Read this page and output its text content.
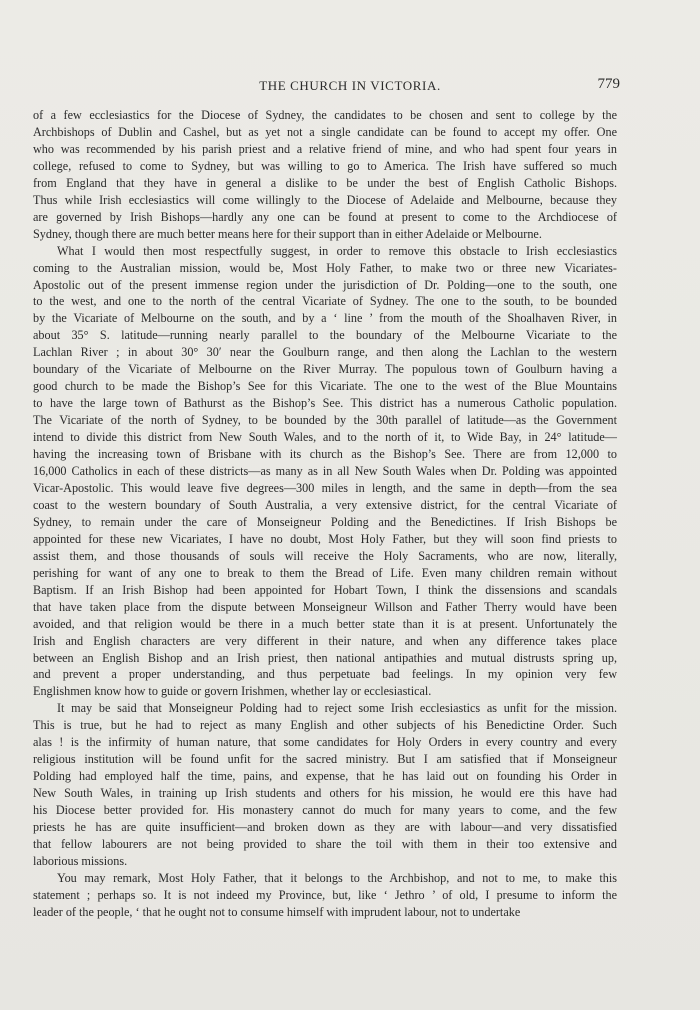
THE CHURCH IN VICTORIA.	779

of a few ecclesiastics for the Diocese of Sydney, the candidates to be chosen and sent to college by the
Archbishops of Dublin and Cashel, but as yet not a single candidate can be found to accept my offer. One
who was recommended by his parish priest and a relative friend of mine, and who had spent four years in
college, refused to come to Sydney, but was willing to go to America. The Irish have suffered so much
from England that they have in general a dislike to be under the best of English Catholic Bishops.
Thus while Irish ecclesiastics will come willingly to the Diocese of Adelaide and Melbourne, because they
are governed by Irish Bishops—hardly any one can be found at present to come to the Archdiocese of
Sydney, though there are much better means here for their support than in either Adelaide or Melbourne.

What I would then most respectfully suggest, in order to remove this obstacle to Irish ecclesiastics
coming to the Australian mission, would be, Most Holy Father, to make two or three new Vicariates-
Apostolic out of the present immense region under the jurisdiction of Dr. Polding—one to the south, one
to the west, and one to the north of the central Vicariate of Sydney. The one to the south, to be bounded
by the Vicariate of Melbourne on the south, and by a ‘ line ’ from the mouth of the Shoalhaven River, in
about 35° S. latitude—running nearly parallel to the boundary of the Melbourne Vicariate to the
Lachlan River ; in about 30° 30′ near the Goulburn range, and then along the Lachlan to the western
boundary of the Vicariate of Melbourne on the River Murray. The populous town of Goulburn having a
good church to be made the Bishop’s See for this Vicariate. The one to the west of the Blue Mountains
to have the large town of Bathurst as the Bishop’s See. This district has a numerous Catholic population.
The Vicariate of the north of Sydney, to be bounded by the 30th parallel of latitude—as the Government
intend to divide this district from New South Wales, and to the north of it, to Wide Bay, in 24° latitude—
having the increasing town of Brisbane with its church as the Bishop’s See. There are from 12,000 to
16,000 Catholics in each of these districts—as many as in all New South Wales when Dr. Polding was appointed
Vicar-Apostolic. This would leave five degrees—300 miles in length, and the same in depth—from the sea
coast to the western boundary of South Australia, a very extensive district, for the central Vicariate of
Sydney, to remain under the care of Monseigneur Polding and the Benedictines. If Irish Bishops be
appointed for these new Vicariates, I have no doubt, Most Holy Father, but they will soon find priests to
assist them, and those thousands of souls will receive the Holy Sacraments, who are now, literally,
perishing for want of any one to break to them the Bread of Life. Even many children remain without
Baptism. If an Irish Bishop had been appointed for Hobart Town, I think the dissensions and scandals
that have taken place from the dispute between Monseigneur Willson and Father Therry would have been
avoided, and that religion would be there in a much better state than it is at present. Unfortunately the
Irish and English characters are very different in their nature, and when any difference takes place
between an English Bishop and an Irish priest, then national antipathies and mutual distrusts spring up,
and prevent a proper understanding, and thus perpetuate bad feelings. In my opinion very few
Englishmen know how to guide or govern Irishmen, whether lay or ecclesiastical.

It may be said that Monseigneur Polding had to reject some Irish ecclesiastics as unfit for the mission.
This is true, but he had to reject as many English and other subjects of his Benedictine Order. Such
alas ! is the infirmity of human nature, that some candidates for Holy Orders in every country and every
religious institution will be found unfit for the sacred ministry. But I am satisfied that if Monseigneur
Polding had employed half the time, pains, and expense, that he has laid out on founding his Order in
New South Wales, in training up Irish students and others for his mission, he would ere this have had
his Diocese better provided for. His monastery cannot do much for many years to come, and the few
priests he has are quite insufficient—and broken down as they are with labour—and very dissatisfied
that fellow labourers are not being provided to share the toil with them in their too extensive and
laborious missions.

You may remark, Most Holy Father, that it belongs to the Archbishop, and not to me, to make this
statement ; perhaps so. It is not indeed my Province, but, like ‘ Jethro ’ of old, I presume to inform the
leader of the people, ‘ that he ought not to consume himself with imprudent labour, not to undertake
